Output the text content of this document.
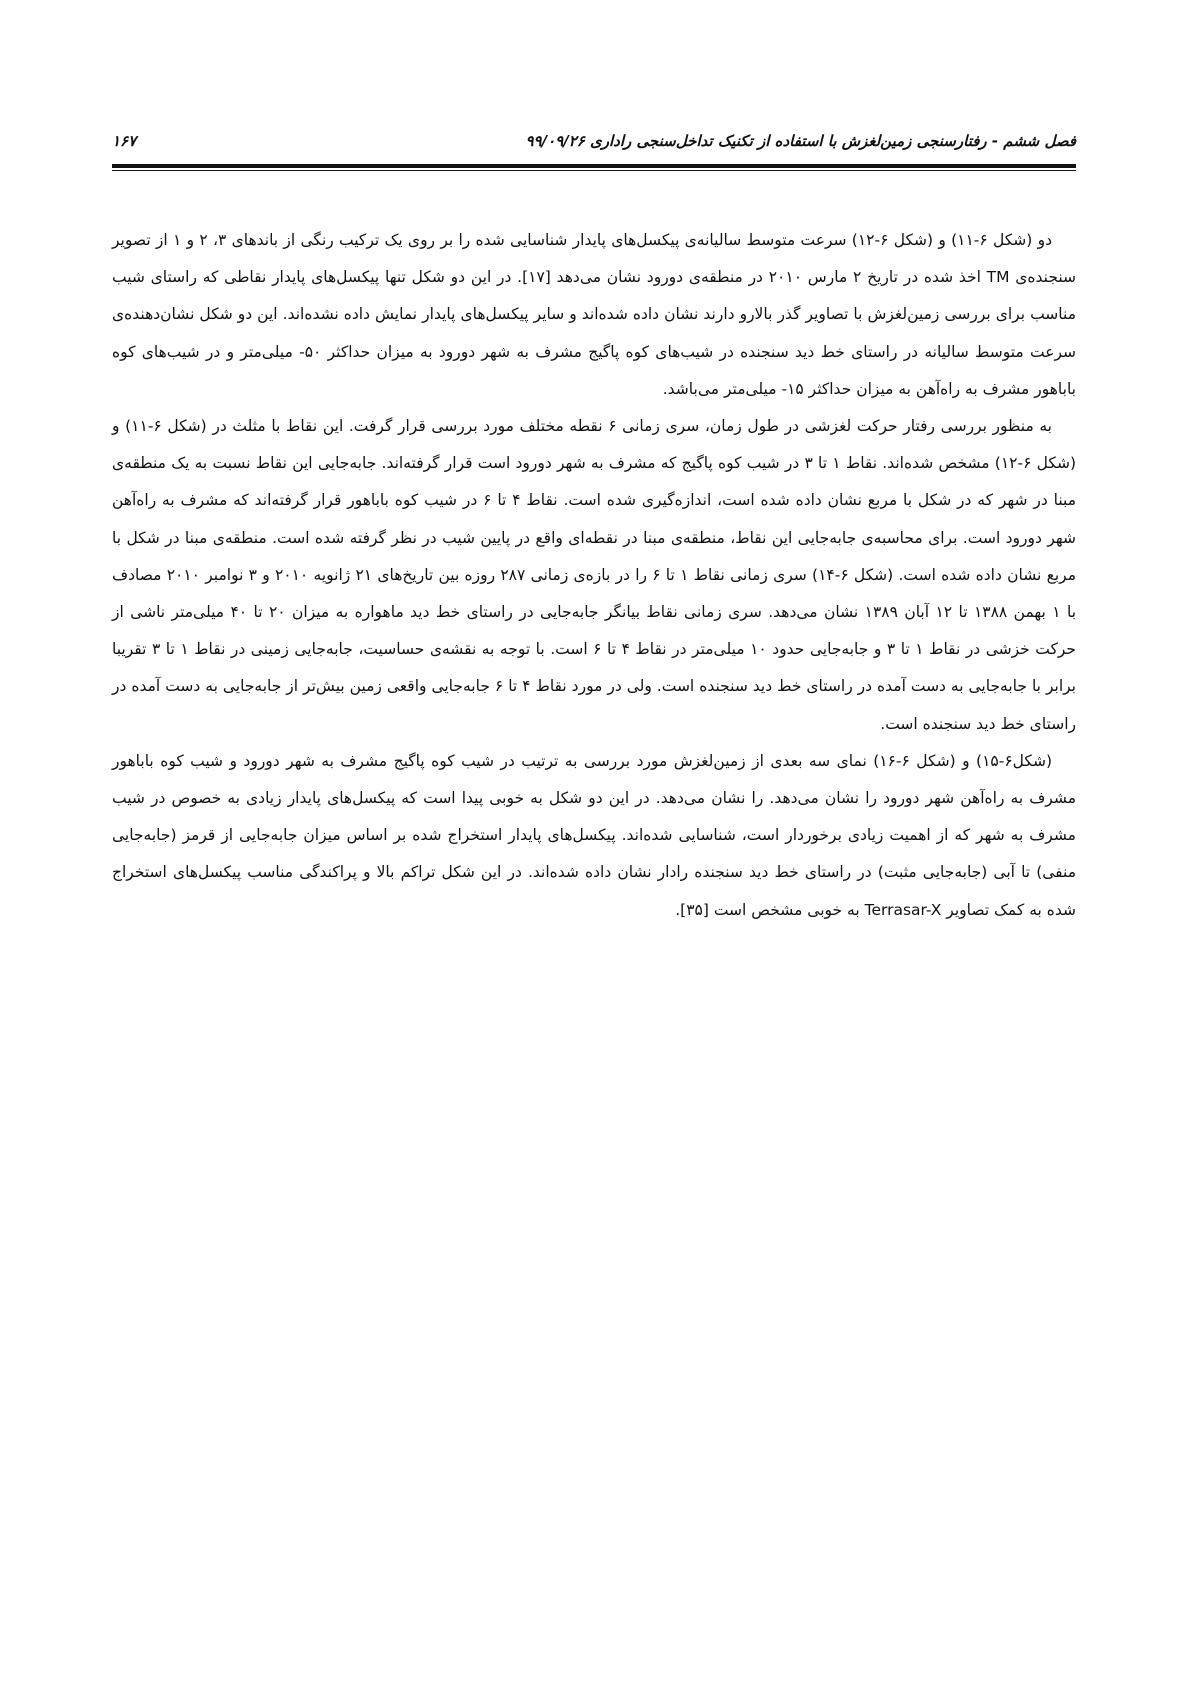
فصل ششم - رفتارسنجی زمین‌لغزش با استفاده از تکنیک تداخل‌سنجی راداری ۹۹/۰۹/۲۶
۱۶۷

دو (شکل ۶-۱۱) و (شکل ۶-۱۲) سرعت متوسط سالیانه‌ی پیکسل‌های پایدار شناسایی شده را بر روی یک ترکیب رنگی از باندهای ۳، ۲ و ۱ از تصویر سنجنده‌ی TM اخذ شده در تاریخ ۲ مارس ۲۰۱۰ در منطقه‌ی دورود نشان می‌دهد [۱۷]. در این دو شکل تنها پیکسل‌های پایدار نقاطی که راستای شیب مناسب برای بررسی زمین‌لغزش با تصاویر گذر بالارو دارند نشان داده شده‌اند و سایر پیکسل‌های پایدار نمایش داده نشده‌اند. این دو شکل نشان‌دهنده‌ی سرعت متوسط سالیانه در راستای خط دید سنجنده در شیب‌های کوه پاگیج مشرف به شهر دورود به میزان حداکثر ۵۰- میلی‌متر و در شیب‌های کوه باباهور مشرف به راه‌آهن به میزان حداکثر ۱۵- میلی‌متر می‌باشد.

به منظور بررسی رفتار حرکت لغزشی در طول زمان، سری زمانی ۶ نقطه مختلف مورد بررسی قرار گرفت. این نقاط با مثلث در (شکل ۶-۱۱) و (شکل ۶-۱۲) مشخص شده‌اند. نقاط ۱ تا ۳ در شیب کوه پاگیج که مشرف به شهر دورود است قرار گرفته‌اند. جابه‌جایی این نقاط نسبت به یک منطقه‌ی مبنا در شهر که در شکل با مربع نشان داده شده است، اندازه‌گیری شده است. نقاط ۴ تا ۶ در شیب کوه باباهور قرار گرفته‌اند که مشرف به راه‌آهن شهر دورود است. برای محاسبه‌ی جابه‌جایی این نقاط، منطقه‌ی مبنا در نقطه‌ای واقع در پایین شیب در نظر گرفته شده است. منطقه‌ی مبنا در شکل با مربع نشان داده شده است. (شکل ۶-۱۴) سری زمانی نقاط ۱ تا ۶ را در بازه‌ی زمانی ۲۸۷ روزه بین تاریخ‌های ۲۱ ژانویه ۲۰۱۰ و ۳ نوامبر ۲۰۱۰ مصادف با ۱ بهمن ۱۳۸۸ تا ۱۲ آبان ۱۳۸۹ نشان می‌دهد. سری زمانی نقاط بیانگر جابه‌جایی در راستای خط دید ماهواره به میزان ۲۰ تا ۴۰ میلی‌متر ناشی از حرکت خزشی در نقاط ۱ تا ۳ و جابه‌جایی حدود ۱۰ میلی‌متر در نقاط ۴ تا ۶ است. با توجه به نقشه‌ی حساسیت، جابه‌جایی زمینی در نقاط ۱ تا ۳ تقریبا برابر با جابه‌جایی به دست آمده در راستای خط دید سنجنده است. ولی در مورد نقاط ۴ تا ۶ جابه‌جایی واقعی زمین بیش‌تر از جابه‌جایی به دست آمده در راستای خط دید سنجنده است.

(شکل۶-۱۵) و (شکل ۶-۱۶) نمای سه بعدی از زمین‌لغزش مورد بررسی به ترتیب در شیب کوه پاگیج مشرف به شهر دورود و شیب کوه باباهور مشرف به راه‌آهن شهر دورود را نشان می‌دهد. را نشان می‌دهد. در این دو شکل به خوبی پیدا است که پیکسل‌های پایدار زیادی به خصوص در شیب مشرف به شهر که از اهمیت زیادی برخوردار است، شناسایی شده‌اند. پیکسل‌های پایدار استخراج شده بر اساس میزان جابه‌جایی از قرمز (جابه‌جایی منفی) تا آبی (جابه‌جایی مثبت) در راستای خط دید سنجنده رادار نشان داده شده‌اند. در این شکل تراکم بالا و پراکندگی مناسب پیکسل‌های استخراج شده به کمک تصاویر Terrasar-X به خوبی مشخص است [۳۵].
